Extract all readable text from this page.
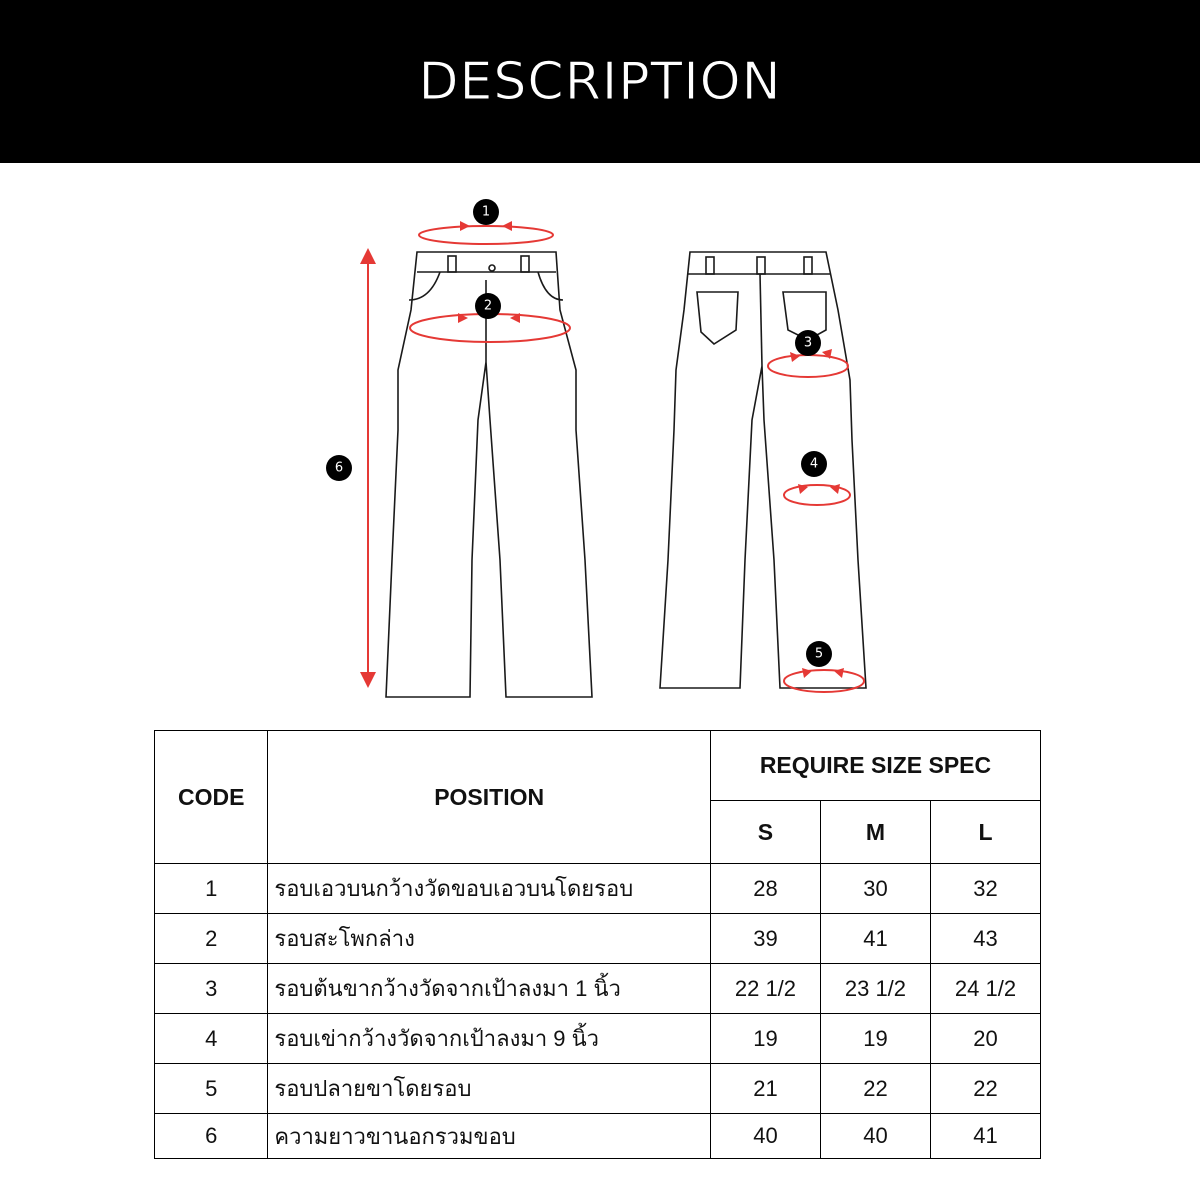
DESCRIPTION
1
2
3
4
5
6
CODE	POSITION	REQUIRE SIZE SPEC		
		S	M	L
1	รอบเอวบนกว้างวัดขอบเอวบนโดยรอบ	28	30	32
2	รอบสะโพกล่าง	39	41	43
3	รอบต้นขากว้างวัดจากเป้าลงมา 1 นิ้ว	22 1/2	23 1/2	24 1/2
4	รอบเข่ากว้างวัดจากเป้าลงมา 9 นิ้ว	19	19	20
5	รอบปลายขาโดยรอบ	21	22	22
6	ความยาวขานอกรวมขอบ	40	40	41
